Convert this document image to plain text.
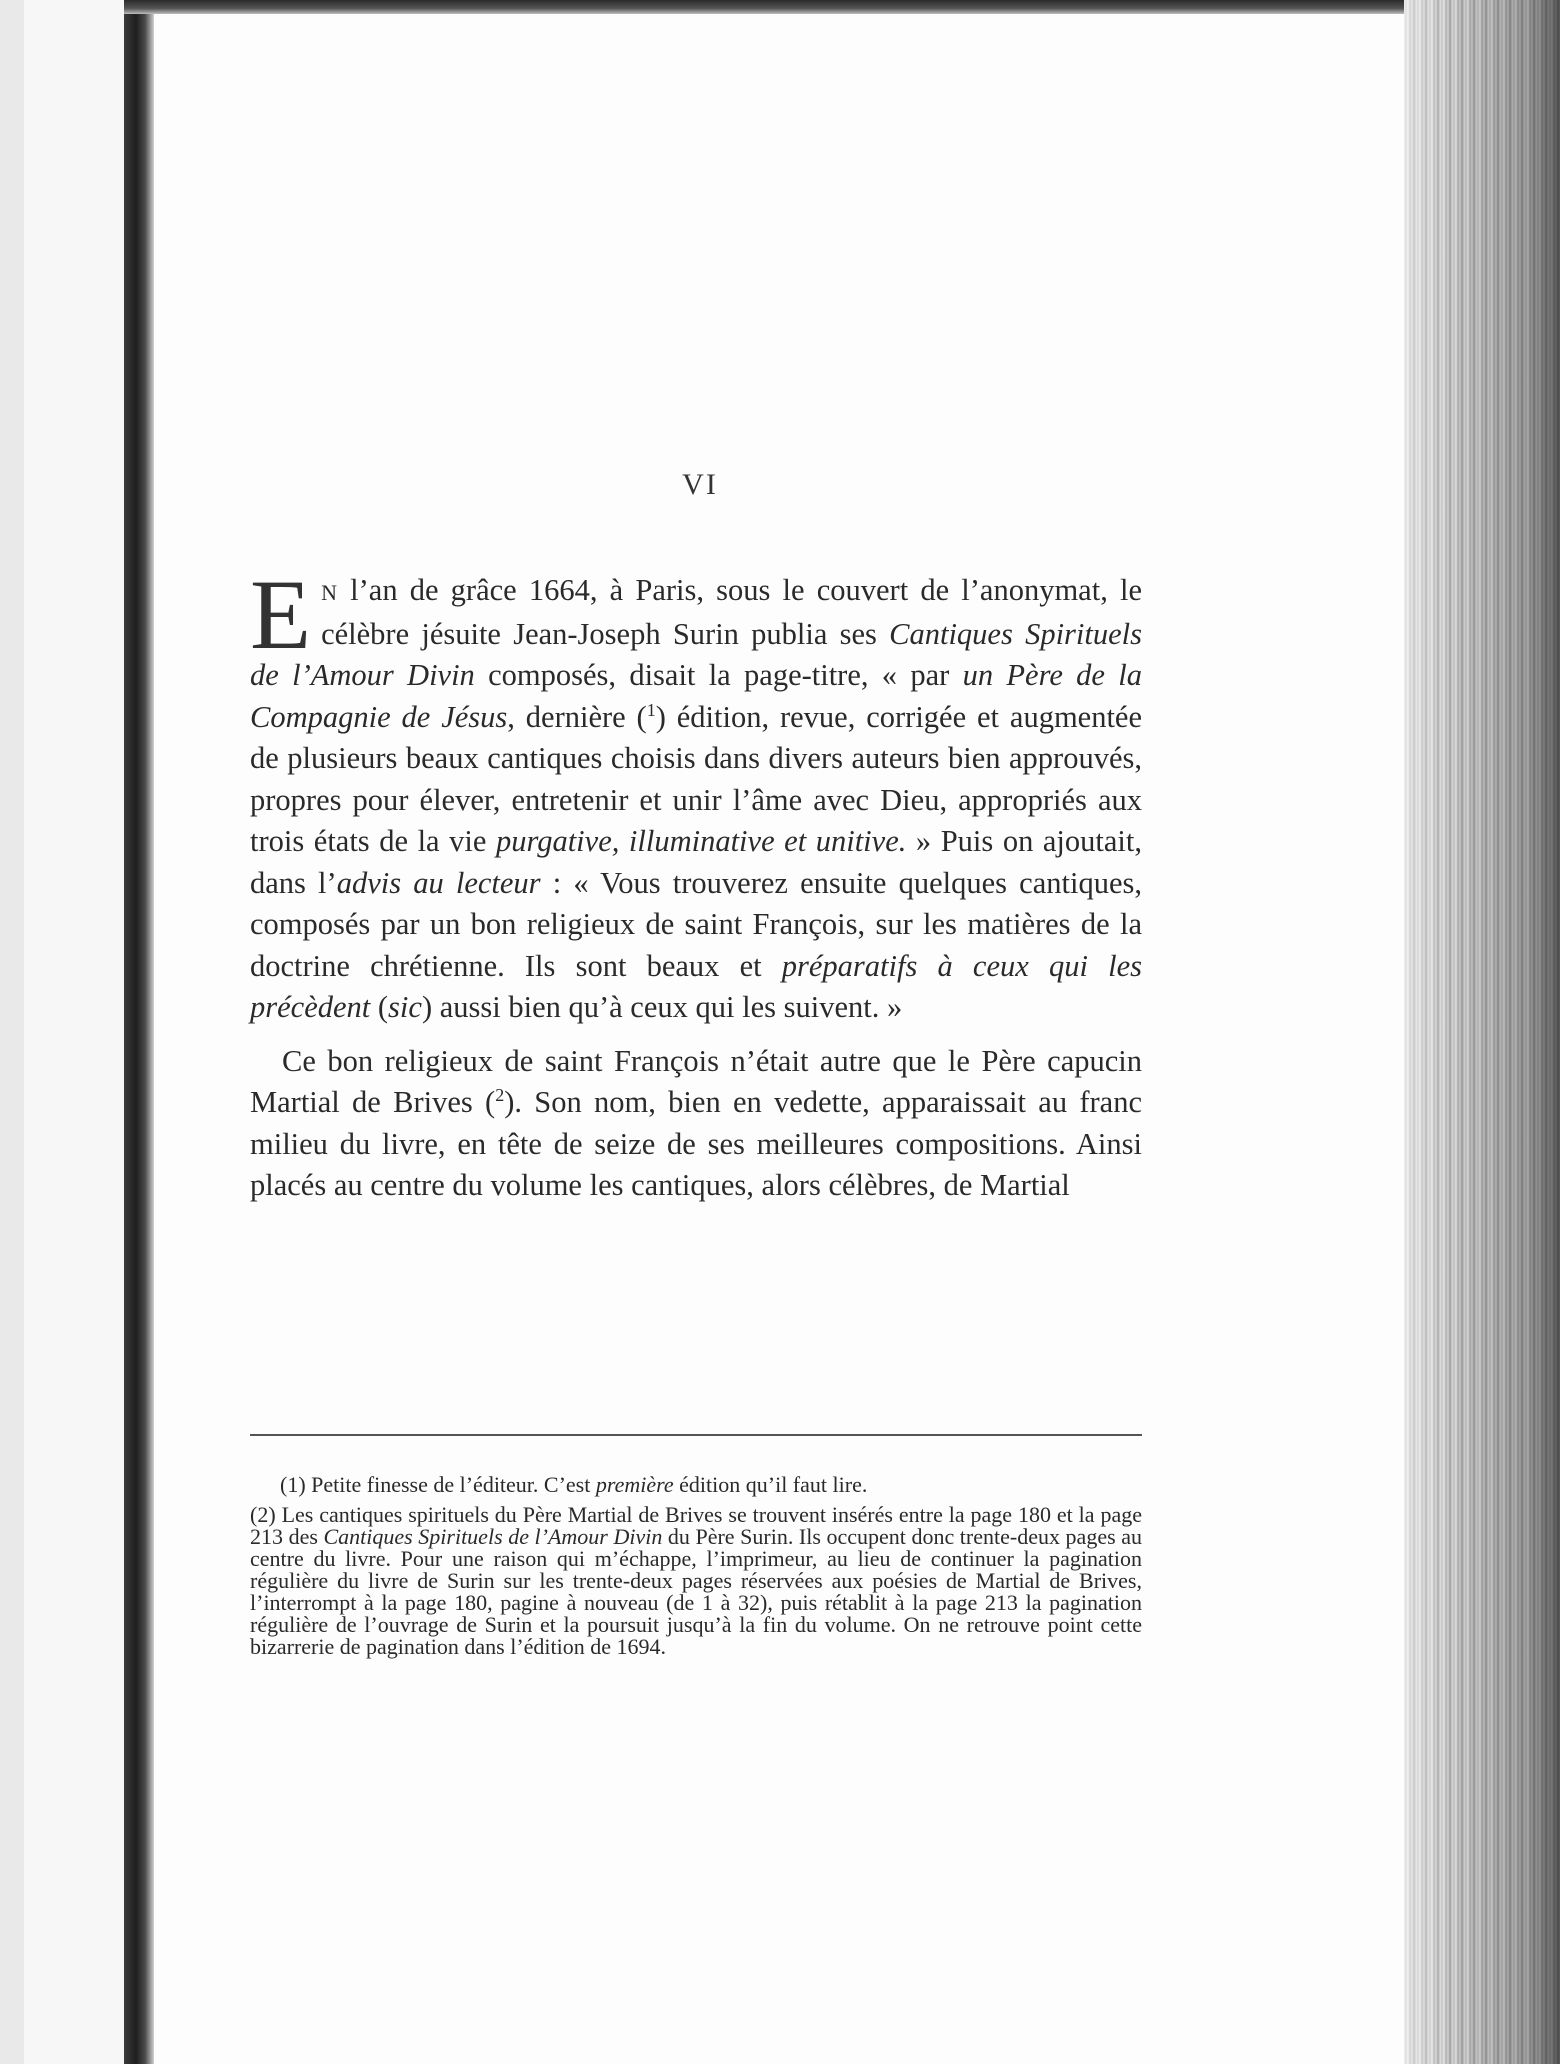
VI

E N l’an de grâce 1664, à Paris, sous le couvert de l’anonymat, le célèbre jésuite Jean-Joseph Surin publia ses Cantiques Spirituels de l’Amour Divin composés, disait la page-titre, « par un Père de la Compagnie de Jésus, dernière ($^1$) édition, revue, corrigée et augmentée de plusieurs beaux cantiques choisis dans divers auteurs bien approuvés, propres pour élever, entretenir et unir l’âme avec Dieu, appropriés aux trois états de la vie purgative, illuminative et unitive. » Puis on ajoutait, dans l’advis au lecteur : « Vous trouverez ensuite quelques cantiques, composés par un bon religieux de saint François, sur les matières de la doctrine chrétienne. Ils sont beaux et préparatifs à ceux qui les précèdent (sic) aussi bien qu’à ceux qui les suivent. »

Ce bon religieux de saint François n’était autre que le Père capucin Martial de Brives ($^2$). Son nom, bien en vedette, apparaissait au franc milieu du livre, en tête de seize de ses meilleures compositions. Ainsi placés au centre du volume les cantiques, alors célèbres, de Martial

(1) Petite finesse de l’éditeur. C’est première édition qu’il faut lire.

(2) Les cantiques spirituels du Père Martial de Brives se trouvent insérés entre la page 180 et la page 213 des Cantiques Spirituels de l’Amour Divin du Père Surin. Ils occupent donc trente-deux pages au centre du livre. Pour une raison qui m’échappe, l’imprimeur, au lieu de continuer la pagination régulière du livre de Surin sur les trente-deux pages réservées aux poésies de Martial de Brives, l’interrompt à la page 180, pagine à nouveau (de 1 à 32), puis rétablit à la page 213 la pagination régulière de l’ouvrage de Surin et la poursuit jusqu’à la fin du volume. On ne retrouve point cette bizarrerie de pagination dans l’édition de 1694.
